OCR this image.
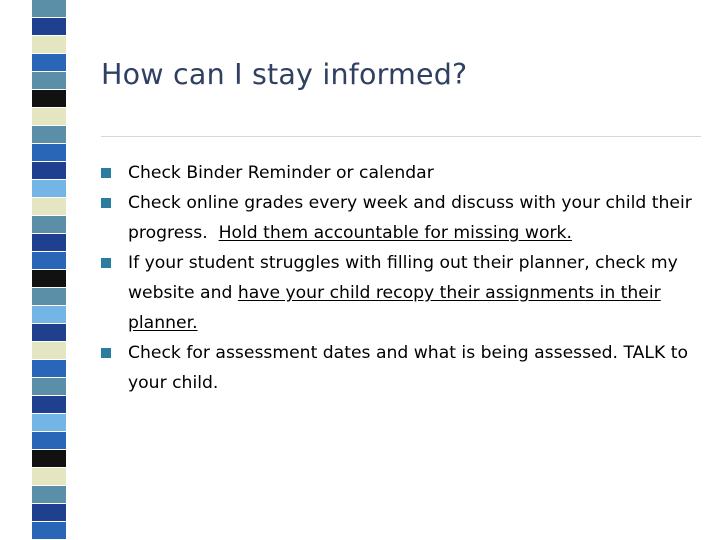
How can I stay informed?
Check Binder Reminder or calendar
Check online grades every week and discuss with your child their progress.  Hold them accountable for missing work.
If your student struggles with filling out their planner, check my website and have your child recopy their assignments in their planner.
Check for assessment dates and what is being assessed. TALK to your child.
